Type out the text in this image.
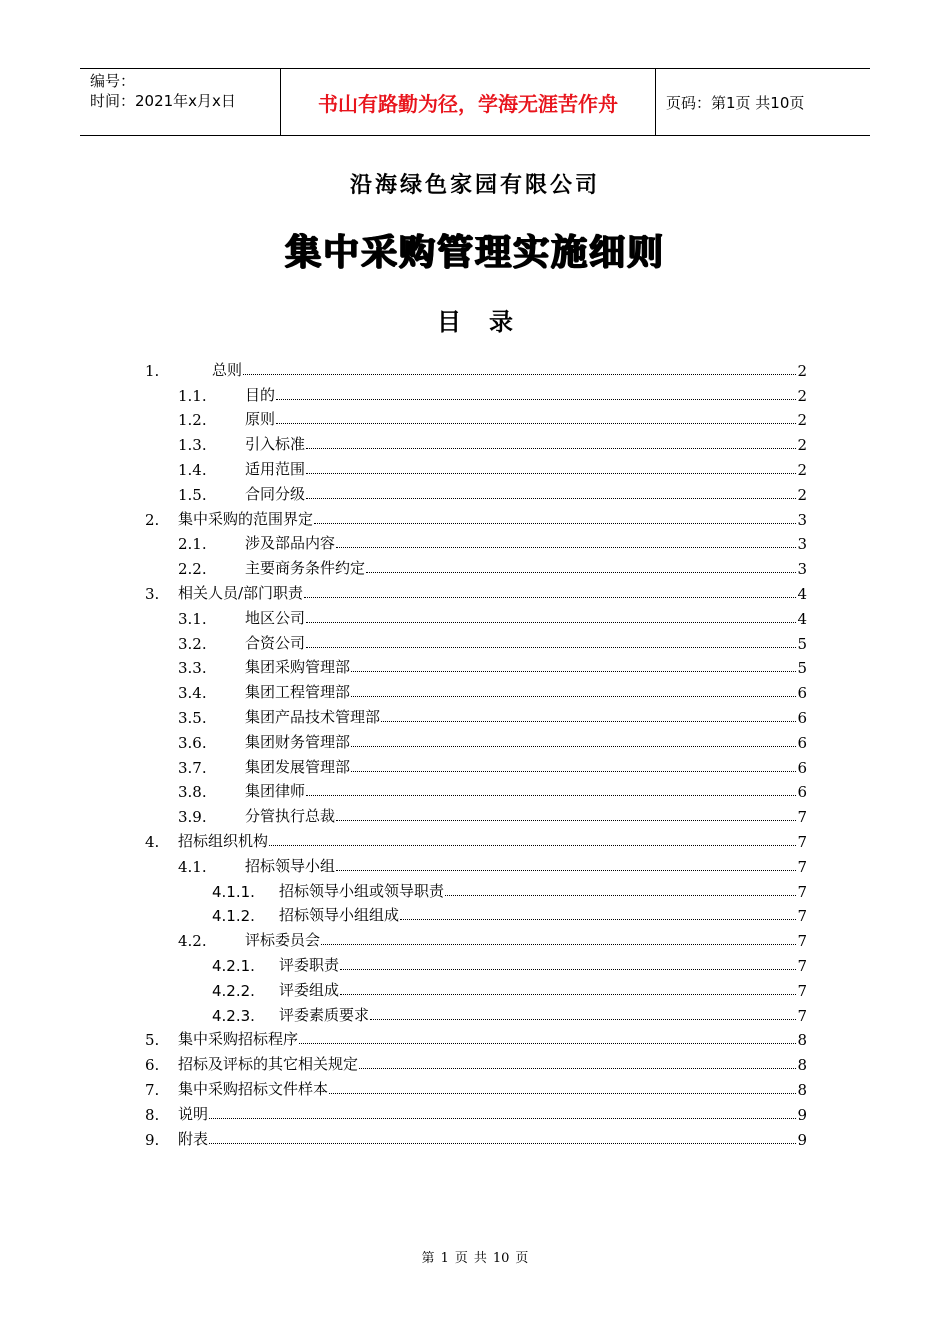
编号：
时间：2021年x月x日	书山有路勤为径，学海无涯苦作舟	页码：第1页 共10页
沿海绿色家园有限公司
集中采购管理实施细则
目 录
1.	总则	2
1.1.	目的	2
1.2.	原则	2
1.3.	引入标准	2
1.4.	适用范围	2
1.5.	合同分级	2
2.	集中采购的范围界定	3
2.1.	涉及部品内容	3
2.2.	主要商务条件约定	3
3.	相关人员/部门职责	4
3.1.	地区公司	4
3.2.	合资公司	5
3.3.	集团采购管理部	5
3.4.	集团工程管理部	6
3.5.	集团产品技术管理部	6
3.6.	集团财务管理部	6
3.7.	集团发展管理部	6
3.8.	集团律师	6
3.9.	分管执行总裁	7
4.	招标组织机构	7
4.1.	招标领导小组	7
4.1.1.	招标领导小组或领导职责	7
4.1.2.	招标领导小组组成	7
4.2.	评标委员会	7
4.2.1.	评委职责	7
4.2.2.	评委组成	7
4.2.3.	评委素质要求	7
5.	集中采购招标程序	8
6.	招标及评标的其它相关规定	8
7.	集中采购招标文件样本	8
8.	说明	9
9.	附表	9
第 1 页 共 10 页
